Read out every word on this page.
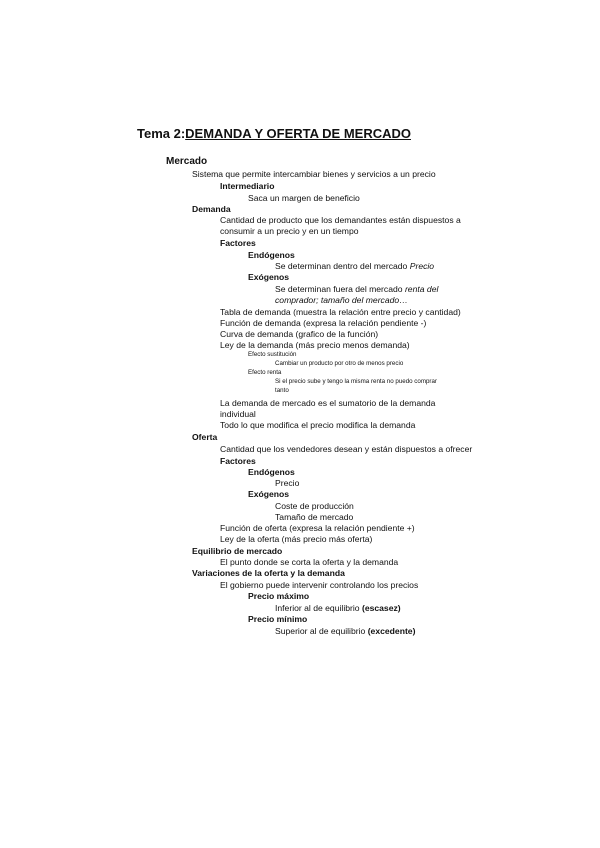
Tema 2:DEMANDA Y OFERTA DE MERCADO
Mercado
Sistema que permite intercambiar bienes y servicios a un precio
Intermediario
Saca un margen de beneficio
Demanda
Cantidad de producto que los demandantes están dispuestos a
consumir a un precio y en un tiempo
Factores
Endógenos
Se determinan dentro del mercado Precio
Exógenos
Se determinan fuera del mercado renta del
comprador; tamaño del mercado…
Tabla de demanda (muestra la relación entre precio y cantidad)
Función de demanda (expresa la relación pendiente -)
Curva de demanda (grafico de la función)
Ley de la demanda (más precio menos demanda)
Efecto sustitución
Cambiar un producto por otro de menos precio
Efecto renta
Si el precio sube y tengo la misma renta no puedo comprar
tanto
La demanda de mercado es el sumatorio de la demanda
individual
Todo lo que modifica el precio modifica la demanda
Oferta
Cantidad que los vendedores desean y están dispuestos a ofrecer
Factores
Endógenos
Precio
Exógenos
Coste de producción
Tamaño de mercado
Función de oferta (expresa la relación pendiente +)
Ley de la oferta (más precio más oferta)
Equilibrio de mercado
El punto donde se corta la oferta y la demanda
Variaciones de la oferta y la demanda
El gobierno puede intervenir controlando los precios
Precio máximo
Inferior al de equilibrio (escasez)
Precio mínimo
Superior al de equilibrio (excedente)
